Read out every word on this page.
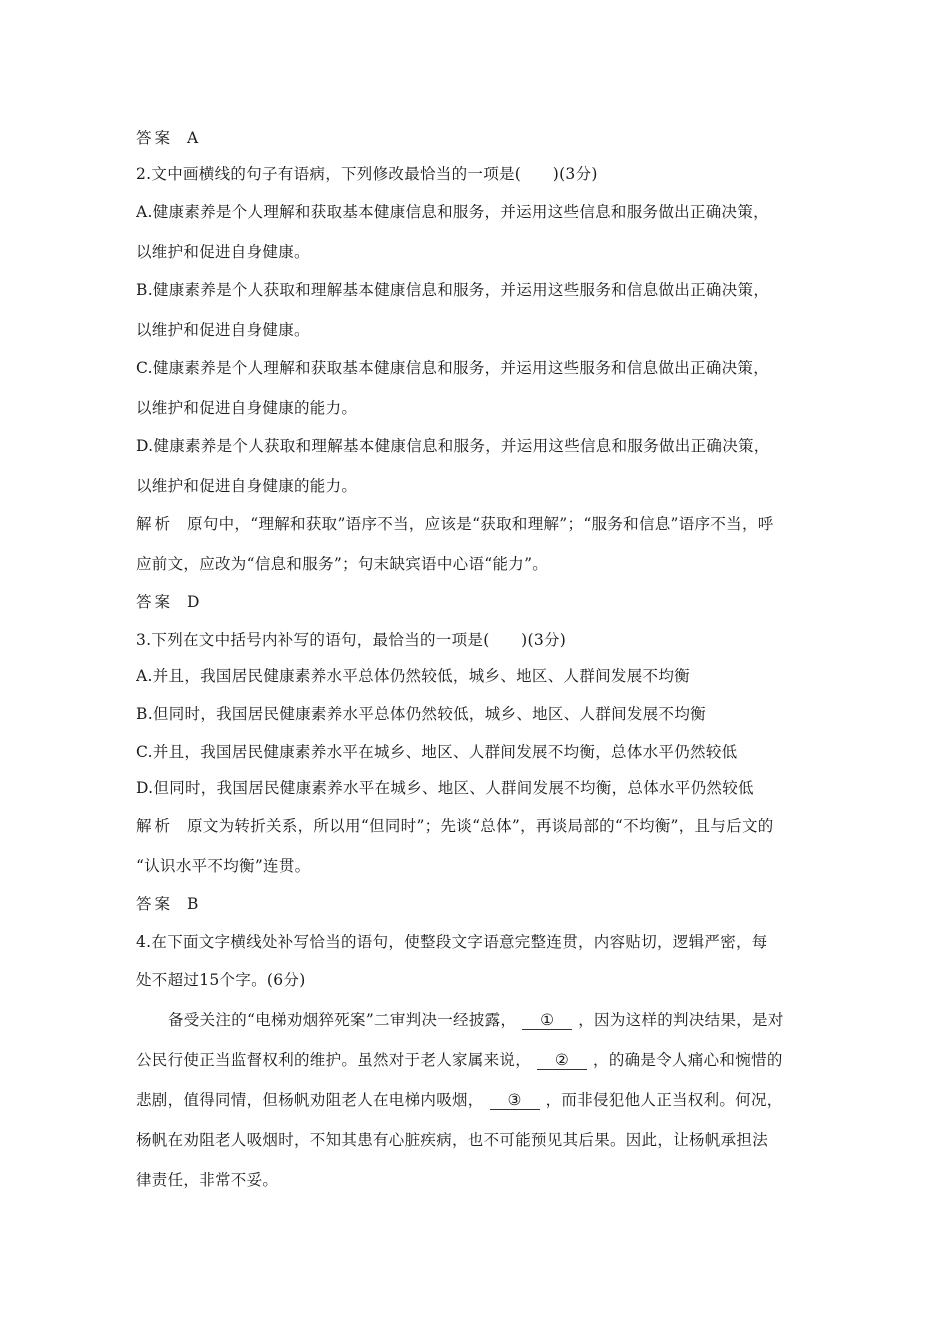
答案 A
2.文中画横线的句子有语病，下列修改最恰当的一项是(　　)(3分)
A.健康素养是个人理解和获取基本健康信息和服务，并运用这些信息和服务做出正确决策，
以维护和促进自身健康。
B.健康素养是个人获取和理解基本健康信息和服务，并运用这些服务和信息做出正确决策，
以维护和促进自身健康。
C.健康素养是个人理解和获取基本健康信息和服务，并运用这些服务和信息做出正确决策，
以维护和促进自身健康的能力。
D.健康素养是个人获取和理解基本健康信息和服务，并运用这些信息和服务做出正确决策，
以维护和促进自身健康的能力。
解析 原句中，“理解和获取”语序不当，应该是“获取和理解”；“服务和信息”语序不当，呼
应前文，应改为“信息和服务”；句末缺宾语中心语“能力”。
答案 D
3.下列在文中括号内补写的语句，最恰当的一项是(　　)(3分)
A.并且，我国居民健康素养水平总体仍然较低，城乡、地区、人群间发展不均衡
B.但同时，我国居民健康素养水平总体仍然较低，城乡、地区、人群间发展不均衡
C.并且，我国居民健康素养水平在城乡、地区、人群间发展不均衡，总体水平仍然较低
D.但同时，我国居民健康素养水平在城乡、地区、人群间发展不均衡，总体水平仍然较低
解析 原文为转折关系，所以用“但同时”；先谈“总体”，再谈局部的“不均衡”，且与后文的
“认识水平不均衡”连贯。
答案 B
4.在下面文字横线处补写恰当的语句，使整段文字语意完整连贯，内容贴切，逻辑严密，每
处不超过15个字。(6分)
备受关注的“电梯劝烟猝死案”二审判决一经披露， ① ，因为这样的判决结果，是对
公民行使正当监督权利的维护。虽然对于老人家属来说， ② ，的确是令人痛心和惋惜的
悲剧，值得同情，但杨帆劝阻老人在电梯内吸烟， ③ ，而非侵犯他人正当权利。何况，
杨帆在劝阻老人吸烟时，不知其患有心脏疾病，也不可能预见其后果。因此，让杨帆承担法
律责任，非常不妥。
